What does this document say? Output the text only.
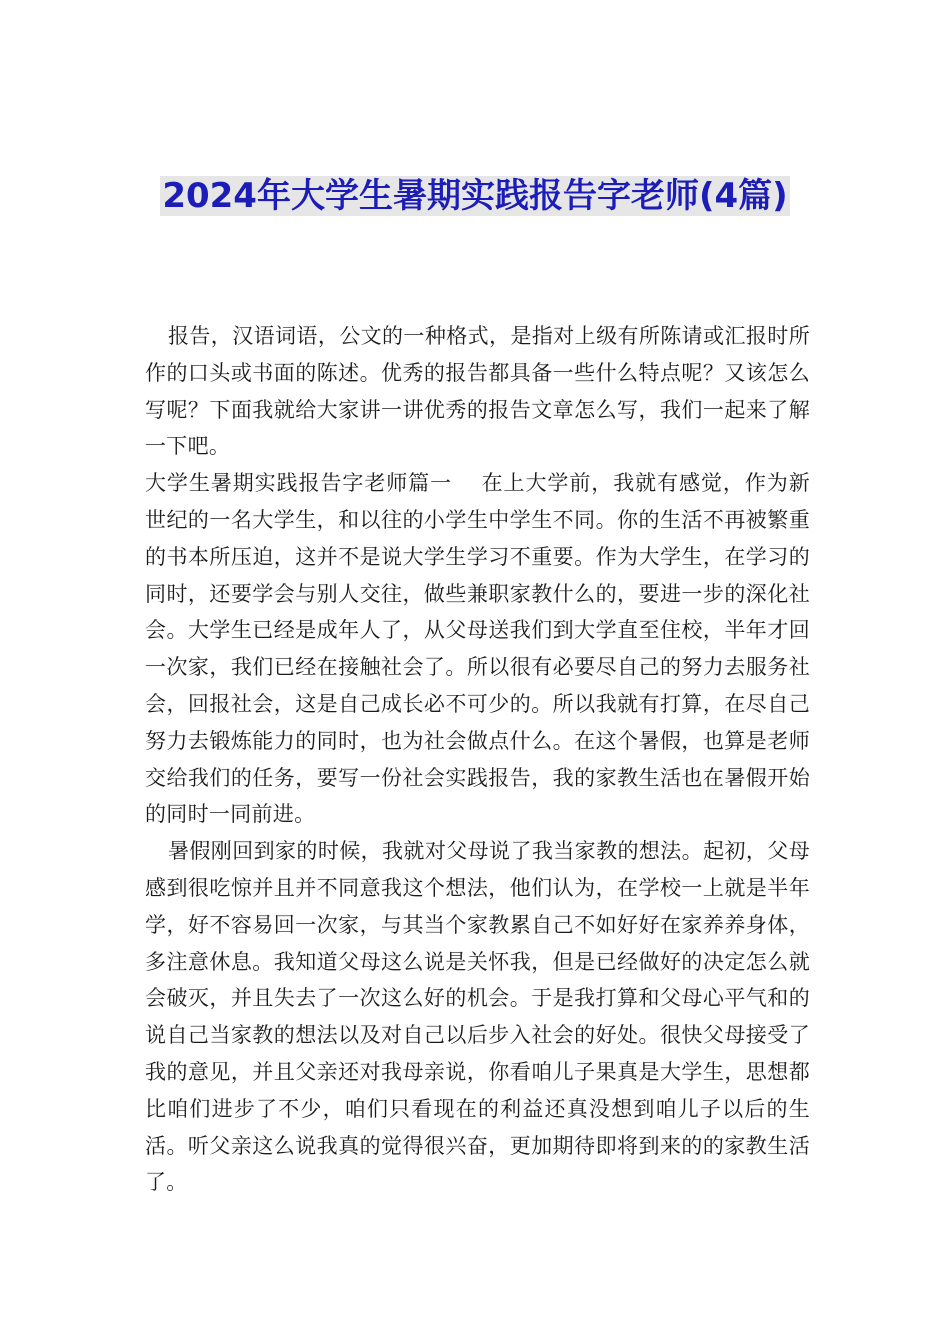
2024年大学生暑期实践报告字老师(4篇)

报告，汉语词语，公文的一种格式，是指对上级有所陈请或汇报时所作的口头或书面的陈述。优秀的报告都具备一些什么特点呢？又该怎么写呢？下面我就给大家讲一讲优秀的报告文章怎么写，我们一起来了解一下吧。

大学生暑期实践报告字老师篇一　 在上大学前，我就有感觉，作为新世纪的一名大学生，和以往的小学生中学生不同。你的生活不再被繁重的书本所压迫，这并不是说大学生学习不重要。作为大学生，在学习的同时，还要学会与别人交往，做些兼职家教什么的，要进一步的深化社会。大学生已经是成年人了，从父母送我们到大学直至住校，半年才回一次家，我们已经在接触社会了。所以很有必要尽自己的努力去服务社会，回报社会，这是自己成长必不可少的。所以我就有打算，在尽自己努力去锻炼能力的同时，也为社会做点什么。在这个暑假，也算是老师交给我们的任务，要写一份社会实践报告，我的家教生活也在暑假开始的同时一同前进。

暑假刚回到家的时候，我就对父母说了我当家教的想法。起初，父母感到很吃惊并且并不同意我这个想法，他们认为，在学校一上就是半年学，好不容易回一次家，与其当个家教累自己不如好好在家养养身体，多注意休息。我知道父母这么说是关怀我，但是已经做好的决定怎么就会破灭，并且失去了一次这么好的机会。于是我打算和父母心平气和的说自己当家教的想法以及对自己以后步入社会的好处。很快父母接受了我的意见，并且父亲还对我母亲说，你看咱儿子果真是大学生，思想都比咱们进步了不少，咱们只看现在的利益还真没想到咱儿子以后的生活。听父亲这么说我真的觉得很兴奋，更加期待即将到来的的家教生活了。
